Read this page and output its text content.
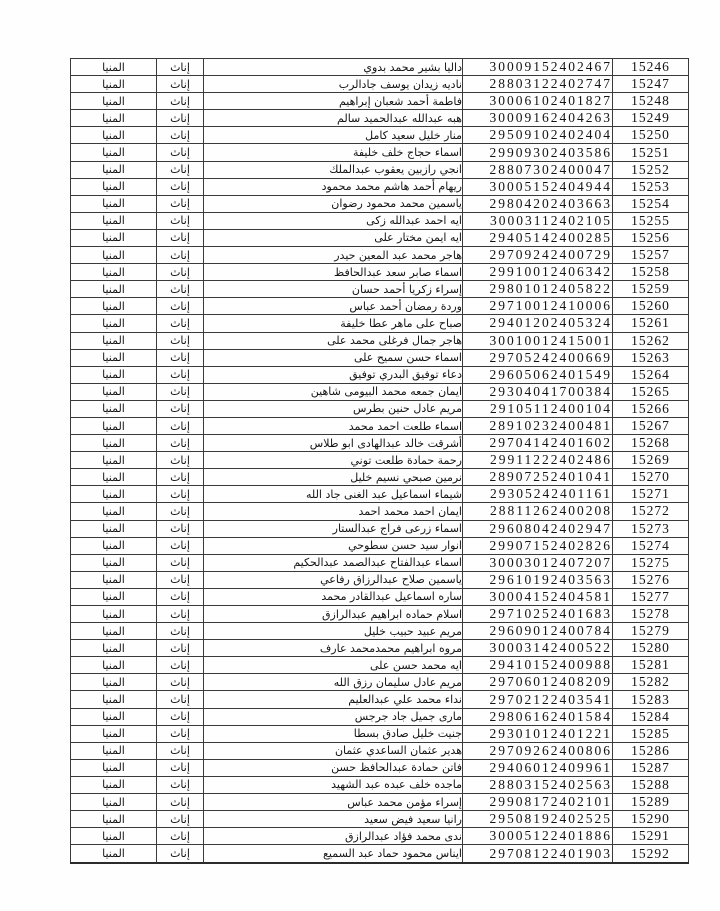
15246	30009152402467	داليا بشير محمد بدوي	إناث	المنيا
15247	28803122402747	ناديه زيدان يوسف جادالرب	إناث	المنيا
15248	30006102401827	فاطمة أحمد شعبان إبراهيم	إناث	المنيا
15249	30009162404263	هبه عبدالله عبدالحميد سالم	إناث	المنيا
15250	29509102402404	منار خليل سعيد كامل	إناث	المنيا
15251	29909302403586	اسماء حجاج خلف خليفة	إناث	المنيا
15252	28807302400047	انجي رازبين يعقوب عبدالملك	إناث	المنيا
15253	30005152404944	ريهام أحمد هاشم محمد محمود	إناث	المنيا
15254	29804202403663	ياسمين محمد محمود رضوان	إناث	المنيا
15255	30003112402105	ايه احمد عبدالله زكى	إناث	المنيا
15256	29405142400285	ايه ايمن مختار على	إناث	المنيا
15257	29709242400729	هاجر محمد عبد المعين حيدر	إناث	المنيا
15258	29910012406342	اسماء صابر سعد عبدالحافظ	إناث	المنيا
15259	29801012405822	إسراء زكريا أحمد حسان	إناث	المنيا
15260	29710012410006	وردة رمضان أحمد عباس	إناث	المنيا
15261	29401202405324	صباح على ماهر عطا خليفة	إناث	المنيا
15262	30010012415001	هاجر جمال فرغلى محمد على	إناث	المنيا
15263	29705242400669	اسماء حسن سميح على	إناث	المنيا
15264	29605062401549	دعاء توفيق البدري توفيق	إناث	المنيا
15265	29304041700384	ايمان جمعه محمد البيومى شاهين	إناث	المنيا
15266	29105112400104	مريم عادل حنين بطرس	إناث	المنيا
15267	28910232400481	اسماء طلعت احمد محمد	إناث	المنيا
15268	29704142401602	أشرقت خالد عبدالهادى ابو طلاس	إناث	المنيا
15269	29911222402486	رحمة حمادة طلعت توني	إناث	المنيا
15270	28907252401041	نرمين صبحي نسيم خليل	إناث	المنيا
15271	29305242401161	شيماء اسماعيل عبد الغنى جاد الله	إناث	المنيا
15272	28811262400208	ايمان احمد محمد احمد	إناث	المنيا
15273	29608042402947	اسماء زرعى فراج عبدالستار	إناث	المنيا
15274	29907152402826	انوار سيد حسن سطوحي	إناث	المنيا
15275	30003012407207	اسماء عبدالفتاح عبدالصمد عبدالحكيم	إناث	المنيا
15276	29610192403563	ياسمين صلاح عبدالرزاق رفاعي	إناث	المنيا
15277	30004152404581	ساره اسماعيل عبدالقادر محمد	إناث	المنيا
15278	29710252401683	اسلام حماده ابراهيم عبدالرازق	إناث	المنيا
15279	29609012400784	مريم عبيد حبيب خليل	إناث	المنيا
15280	30003142400522	مروه ابراهيم محمدمحمد عارف	إناث	المنيا
15281	29410152400988	ايه محمد حسن على	إناث	المنيا
15282	29706012408209	مريم عادل سليمان رزق الله	إناث	المنيا
15283	29702122403541	نداء محمد علي عبدالعليم	إناث	المنيا
15284	29806162401584	مارى جميل جاد جرجس	إناث	المنيا
15285	29301012401221	جنيت خليل صادق بسطا	إناث	المنيا
15286	29709262400806	هدير عثمان الساعدي عثمان	إناث	المنيا
15287	29406012409961	فاتن حمادة عبدالحافظ حسن	إناث	المنيا
15288	28803152402563	ماجده خلف عبده عبد الشهيد	إناث	المنيا
15289	29908172402101	إسراء مؤمن محمد عباس	إناث	المنيا
15290	29508192402525	رانيا سعيد فيض سعيد	إناث	المنيا
15291	30005122401886	ندى محمد فؤاد عبدالرازق	إناث	المنيا
15292	29708122401903	ايناس محمود حماد عبد السميع	إناث	المنيا
